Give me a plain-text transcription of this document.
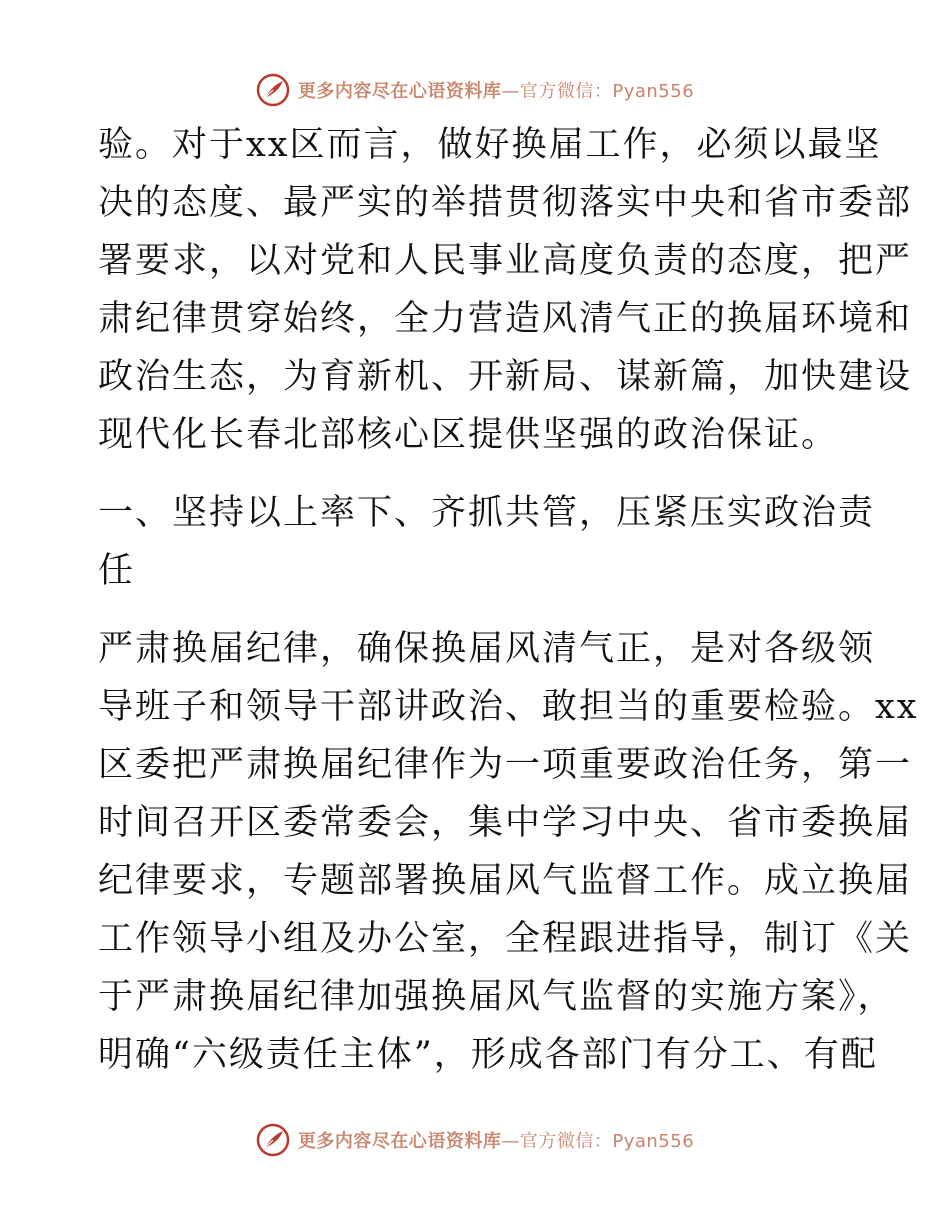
更多内容尽在心语资料库—官方微信：Pyan556
验。对于xx区而言，做好换届工作，必须以最坚
决的态度、最严实的举措贯彻落实中央和省市委部
署要求，以对党和人民事业高度负责的态度，把严
肃纪律贯穿始终，全力营造风清气正的换届环境和
政治生态，为育新机、开新局、谋新篇，加快建设
现代化长春北部核心区提供坚强的政治保证。
一、坚持以上率下、齐抓共管，压紧压实政治责
任
严肃换届纪律，确保换届风清气正，是对各级领
导班子和领导干部讲政治、敢担当的重要检验。xx
区委把严肃换届纪律作为一项重要政治任务，第一
时间召开区委常委会，集中学习中央、省市委换届
纪律要求，专题部署换届风气监督工作。成立换届
工作领导小组及办公室，全程跟进指导，制订《关
于严肃换届纪律加强换届风气监督的实施方案》，
明确“六级责任主体”，形成各部门有分工、有配
更多内容尽在心语资料库—官方微信：Pyan556
